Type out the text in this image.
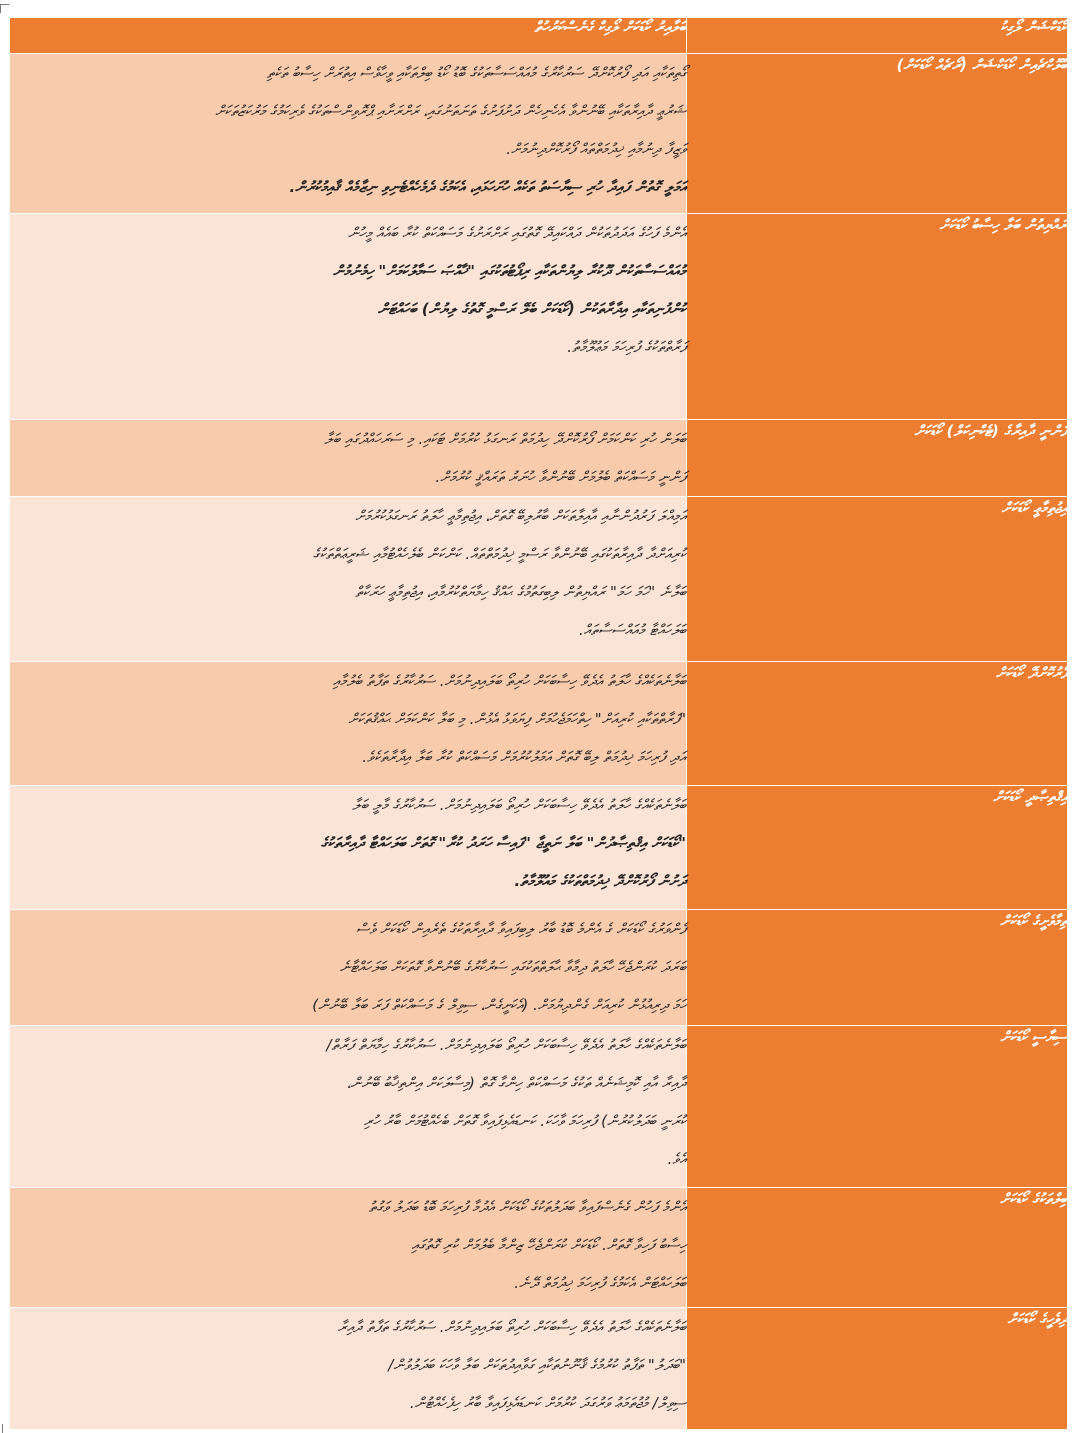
ކޯޑަކްޝަން ލޯގިކު	ބަލާއިރު ކޯޑަކަށް ލޯގިކް ގެނެސްކަރުހުތް
ބްލޮކްޗެއިން ކޯޑަކްޝަން (ރޯޗެއް ކޯޑަކަށް)	ގޯތިތަކާއި އަދި ފޯރުކޮށްދޭ ސަރުކާރުގެ މުއައްސަސާތަކުގެ ބޮޑު ކޯޑު ބިލްތަކާއި ވީހާވެސް އިތުރަށް ހިސާބު ތަކެތި
ޝަރުޢީ ދާއިރާތަކާއި ބޭނުންވާ އެހެނިހެން ދަށުފަށުގެ ތަނަތަނުގައި، ރަށްރަށާއި ޕްރޮވިންސްތަކުގެ ވެރިކަމުގެ މަރުކަޒުތަކަށް
ވަޒީފާ ދިނުމާއި ޚިދުމަތްތައް ފޯރުކޮށްދިނުމަށް.
އަމަލީ ގޮތުން ފައިދާ ހުރި ސިޔާސަތު ތަކެއް ހުށަހަޅައި، އެކަމުގެ ދެމެހެއްޓެނިވި ނިޒާމެއް ޤާއިމުކުރުން.

ރައްޔިތުން ބަލާ ހިސާބު ކޯޑަކަށް	އެންމެ ފަހުގެ އަދަދުތަކުން ދައްކައިދޭ ގޮތުގައި ރަށްރަށުގެ މަސައްކަތް ކުރާ ބައެއް މީހުން
މުއައްސަސާތަކުން ދޫކުރާ ލިޔުންތަކާއި ރިޕޯޓުތަކުގައި "ޚާއްޞަ ސަމާލުކަމަށް" ހިމެނުމުން
ކުންފުނިތަކާއި އިދާރާތަކުން (ކޯޑަކަށް ބެލޭ ރަސްމީ ގޮތުގެ ލިޔުން) ބަހައްޓަން
ފަރާތްތަކުގެ ފުރިހަމަ މަޢުލޫމާތު.

ފަންނީ ދާއިރާގެ (ޓެކްނިކަލް) ކޯޑަކަށް	ބަލަން ހުރި ކަންކަމަށް ފޯރުކޮށްދޭ ހިދުމަތް ރަނގަޅު ކުރުމަށް ޓަކައި. މި ސަރަހައްދުގައި ބަލާ
ފަންނީ މަސައްކަތް ބެލުމަށް ބޭނުންވާ ހުނަރު ތަރައްޤީ ކުރުމަށް.

އިޖުތިމާޢީ ކޯޑަކަށް	އަމިއްލަ ފަރުދުންނާއި އާއިލާތަކަށް ބާރުލިބޭ ގޮތަށް، އިޖުތިމާޢީ ހާލަތު ރަނގަޅުކުރުމަށް
ކުރިއަށްދާ ދާއިރާތަކުގައި ބޭނުންވާ ރަސްމީ ޚިދުމަތްތައް. ކަންކަން ބެލެހެއްޓުމާއި ޝަރީޢަތްތަކުގެ
ބަލާނެ "ހަމަ ހަމަ" ރައްޔިތުން ލިބިގަތުމުގެ ޙައްޤު ހިމާޔަތްކުރުމާއި، އިޖުތިމާޢީ ހަރަކާތް
ބަލަހައްޓާ މުއައްސަސާތައް.

ފޯރުކޮށްދޭ ކޯޑަކަށް	ބަލާނެތަކެއްގެ ހާލަތު އެދެވޭ ހިސާބަކަށް ހުރިތޯ ބަލައިދިނުމަށް. ސަރުކާރުގެ ތަފާތު ބެލުމާއި
"ފަރާތްތަކާއި ކުރިއަށް" ހިތްހަމަޖެހުމަށް ފިޔަވަޅު އެޅުން. މި ބަލާ ކަންކަމަށް ޙައްޤުތަކަށް
އަދި ފުރިހަމަ ޚިދުމަތް ލިބޭ ގޮތަށް އަމަލުކުރުމަށް މަސައްކަތް ކުރާ ބަލާ އިދާރާތަކެވެ.

އިޤްތިޞާދީ ކޯޑަކަށް	ބަލާނެތަކެއްގެ ހާލަތު އެދެވޭ ހިސާބަކަށް ހުރިތޯ ބަލައިދިނުމަށް. ސަރުކާރުގެ މާލީ ބަލާ
"ކޯޑަކަށް އިޤްތިޞާދުން" ބަލާ ނަތީޖާ "ފައިސާ ހަރަދު ކުރާ" ގޮތަށް ބަލަހައްޓާ ދާއިރާތަކުގެ
ދަށުން ފޯރުކޮށްދޭ ޚިދުމަތްތަކުގެ މައުލޫމާތު.

ތިމާވެށީގެ ކޯޑަކަށް	ފެންވަރުގެ ކޯޑަކަށް ގެ އެންމެ ބޮޑު ބާރު ލިބިފައިވާ ދާއިރާތަކުގެ ތެރެއިން ކޯޑަކަށް ވެސް
ބަރަދަ ކުރަންޖެހޭ ހާލަތު ދިމާވާ ޙާލަތްތަކުގައި ސަރުކާރުގެ ބޭނުންވާ ގޮތަކަށް ބަލަހައްޓާނެ
ހަމަ ދިރިއުޅުން ކުރިއަށް ގެންދިޔުމަށް. (އެކަށީގެން، ސިވިލް ގެ މަސައްކަތް ފަރަ ބަލާ ބޭނުން)

ސިޔާސީ ކޯޑަކަށް	ބަލާނެތަކެއްގެ ހާލަތު އެދެވޭ ހިސާބަކަށް ހުރިތޯ ބަލައިދިނުމަށް. ސަރުކާރުގެ ހިމާޔަތް ފަރާތް/
ދާއިރާ އާއި ކޮމިޝަނެއް ތަކުގެ މަސައްކަތް ހިންގާ ގޮތް (މިސާލަކަށް އިންތިޚާބު ބޭނުން،
ކުރަނީ ބަދަލުކުރުން) ފުރިހަމަ ވާހަކަ. ކަނޑައެޅިފައިވާ ގޮތަށް ބެހެއްޓުމަށް ބާރު ހުރި
އެވެ.

ބިލްތަކުގެ ކޯޑަކަށް	އެންމެ ފަހުން ގެނެސްފައިވާ ބަދަލުތަކުގެ ކޯޑަކަށް އެދުމާ ފުރިހަމަ ބޮޑު ބަދަލު ވަގުތު
ހިސާބު ފަހިވާ ގޮތަށް. ކޯޑަކަށް ކުރަންޖެހޭ ޒިންމާ ބެލުމަށް ކުރި ގޮތުގައި
ބަލަހައްޓަން އެކަމުގެ ފުރިހަމަ ޚިދުމަތް ދޭނެ.

ދިވެހީގެ ކޯޑަކަށް	ބަލާނެތަކެއްގެ ހާލަތު އެދެވޭ ހިސާބަކަށް ހުރިތޯ ބަލައިދިނުމަށް. ސަރުކާރުގެ ތަފާތު ދާއިރާ
"ބަދަލު" ތަފާތު ކުރުމުގެ ޤާނޫނުތަކާއި ގަވާއިދުތަކަށް ބަލާ ވާހަކަ ބަދަލުވުން/
ސިވިލް/ މުޖުތަމަޢު ވަރުގަދަ ކުރުމަށް ކަނޑައެޅިފައިވާ ބާރު ހިފެހެއްޓުން.
